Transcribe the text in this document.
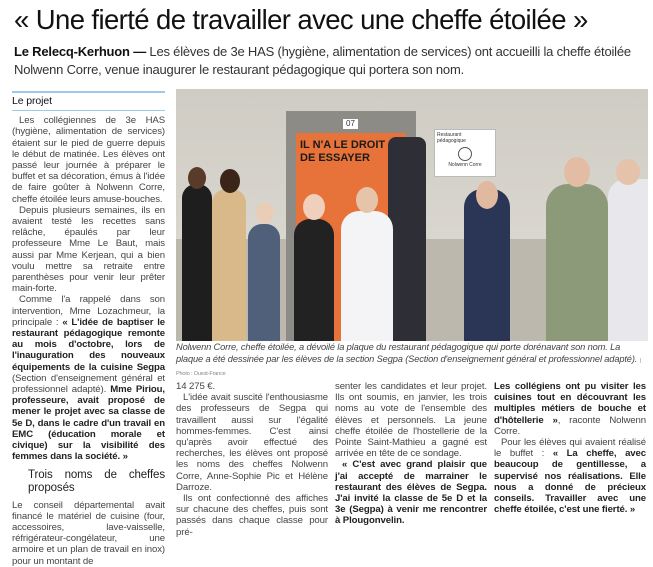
« Une fierté de travailler avec une cheffe étoilée »
Le Relecq-Kerhuon — Les élèves de 3e HAS (hygiène, alimentation de services) ont accueilli la cheffe étoilée Nolwenn Corre, venue inaugurer le restaurant pédagogique qui portera son nom.
Le projet

Les collégiennes de 3e HAS (hygiène, alimentation de services) étaient sur le pied de guerre depuis le début de matinée. Les élèves ont passé leur journée à préparer le buffet et sa décoration, émus à l'idée de faire goûter à Nolwenn Corre, cheffe étoilée leurs amuse-bouches.

Depuis plusieurs semaines, ils en avaient testé les recettes sans relâche, épaulés par leur professeure Mme Le Baut, mais aussi par Mme Kerjean, qui a bien voulu mettre sa retraite entre parenthèses pour venir leur prêter main-forte.

Comme l'a rappelé dans son intervention, Mme Lozachmeur, la principale : « L'idée de baptiser le restaurant pédagogique remonte au mois d'octobre, lors de l'inauguration des nouveaux équipements de la cuisine Segpa (Section d'enseignement général et professionnel adapté). Mme Piriou, professeure, avait proposé de mener le projet avec sa classe de 5e D, dans le cadre d'un travail en EMC (éducation morale et civique) sur la visibilité des femmes dans la société. »

Trois noms de cheffes proposés

Le conseil départemental avait financé le matériel de cuisine (four, accessoires, lave-vaisselle, réfrigérateur-congélateur, une armoire et un plan de travail en inox) pour un montant de

07
IL N'A LE DROIT DE ESSAYER
Restaurant
pédagogique
Nolwenn Corre
Nolwenn Corre, cheffe étoilée, a dévoilé la plaque du restaurant pédagogique qui porte dorénavant son nom. La plaque a été dessinée par les élèves de la section Segpa (Section d'enseignement général et professionnel adapté). | Photo : Ouest-France

14 275 €.

L'idée avait suscité l'enthousiasme des professeurs de Segpa qui travaillent aussi sur l'égalité hommes-femmes. C'est ainsi qu'après avoir effectué des recherches, les élèves ont proposé les noms des cheffes Nolwenn Corre, Anne-Sophie Pic et Hélène Darroze.

Ils ont confectionné des affiches sur chacune des cheffes, puis sont passés dans chaque classe pour pré-

senter les candidates et leur projet. Ils ont soumis, en janvier, les trois noms au vote de l'ensemble des élèves et personnels. La jeune cheffe étoilée de l'hostellerie de la Pointe Saint-Mathieu a gagné est arrivée en tête de ce sondage.

« C'est avec grand plaisir que j'ai accepté de marrainer le restaurant des élèves de Segpa. J'ai invité la classe de 5e D et la 3e (Segpa) à venir me rencontrer à Plougonvelin.

Les collégiens ont pu visiter les cuisines tout en découvrant les multiples métiers de bouche et d'hôtellerie », raconte Nolwenn Corre.

Pour les élèves qui avaient réalisé le buffet : « La cheffe, avec beaucoup de gentillesse, a supervisé nos réalisations. Elle nous a donné de précieux conseils. Travailler avec une cheffe étoilée, c'est une fierté. »
